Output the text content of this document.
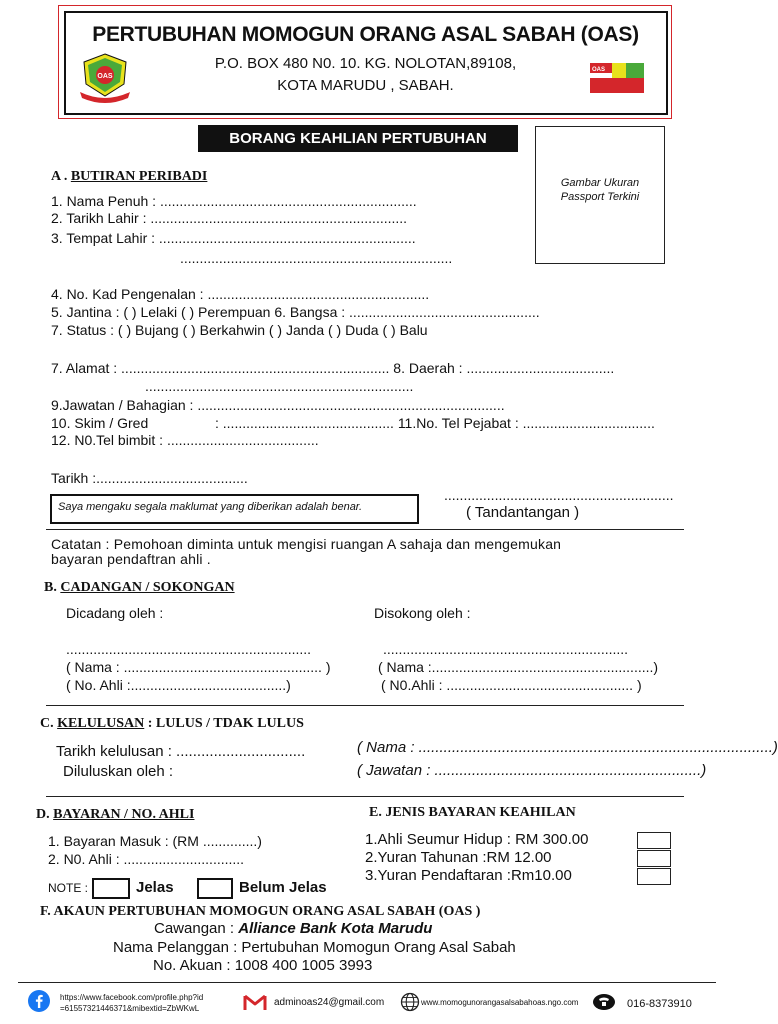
PERTUBUHAN MOMOGUN ORANG ASAL SABAH (OAS)
P.O. BOX 480 N0. 10. KG. NOLOTAN,89108,
KOTA MARUDU , SABAH.
OAS
OAS
BORANG KEAHLIAN PERTUBUHAN
Gambar Ukuran
Passport Terkini
A . BUTIRAN PERIBADI
1. Nama Penuh : ..................................................................
2. Tarikh Lahir : ..................................................................
3. Tempat Lahir : ..................................................................
......................................................................
4. No. Kad Pengenalan : .........................................................
5. Jantina : ( ) Lelaki ( ) Perempuan 6. Bangsa : .................................................
7. Status : ( ) Bujang ( ) Berkahwin ( ) Janda ( ) Duda ( ) Balu
7. Alamat : ..................................................................... 8. Daerah : ......................................
.....................................................................
9.Jawatan / Bahagian : ...............................................................................
10. Skim / Gred	: ............................................ 11.No. Tel Pejabat : ..................................
12. N0.Tel bimbit : .......................................
Tarikh :.......................................
Saya mengaku segala maklumat yang diberikan adalah benar.
...........................................................
( Tandantangan )
Catatan : Pemohoan diminta untuk mengisi ruangan A sahaja dan mengemukan
bayaran pendaftran ahli .
B. CADANGAN / SOKONGAN
Dicadang oleh :	Disokong oleh :
...............................................................	...............................................................
( Nama : ................................................... )
( No. Ahli :........................................)
( Nama :.........................................................)
( N0.Ahli : ................................................ )
C. KELULUSAN : LULUS / TDAK LULUS
Tarikh kelulusan : ...............................
Diluluskan oleh :
( Nama : .....................................................................................)
( Jawatan : ................................................................)
D. BAYARAN / NO. AHLI
1. Bayaran Masuk : (RM ..............)
2. N0. Ahli : ...............................
NOTE :	Jelas	Belum Jelas
E. JENIS BAYARAN KEAHILAN
1.Ahli Seumur Hidup : RM 300.00
2.Yuran Tahunan :RM 12.00
3.Yuran Pendaftaran :Rm10.00
F. AKAUN PERTUBUHAN MOMOGUN ORANG ASAL SABAH (OAS )
Cawangan : Alliance Bank Kota Marudu
Nama Pelanggan : Pertubuhan Momogun Orang Asal Sabah
No. Akuan : 1008 400 1005 3993
https://www.facebook.com/profile.php?id
=61557321446371&mibextid=ZbWKwL
adminoas24@gmail.com	www.momogunorangasalsabahoas.ngo.com	016-8373910
